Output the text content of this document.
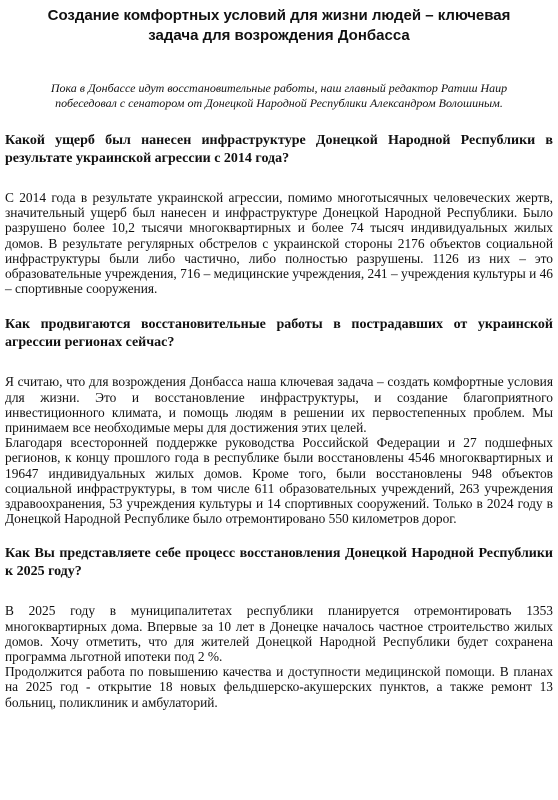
Создание комфортных условий для жизни людей – ключевая задача для возрождения Донбасса

Пока в Донбассе идут восстановительные работы, наш главный редактор Ратиш Наир побеседовал с сенатором от Донецкой Народной Республики Александром Волошиным.

Какой ущерб был нанесен инфраструктуре Донецкой Народной Республики в результате украинской агрессии с 2014 года?

С 2014 года в результате украинской агрессии, помимо многотысячных человеческих жертв, значительный ущерб был нанесен и инфраструктуре Донецкой Народной Республики. Было разрушено более 10,2 тысячи многоквартирных и более 74 тысяч индивидуальных жилых домов. В результате регулярных обстрелов с украинской стороны 2176 объектов социальной инфраструктуры были либо частично, либо полностью разрушены. 1126 из них – это образовательные учреждения, 716 – медицинские учреждения, 241 – учреждения культуры и 46 – спортивные сооружения.

Как продвигаются восстановительные работы в пострадавших от украинской агрессии регионах сейчас?

Я считаю, что для возрождения Донбасса наша ключевая задача – создать комфортные условия для жизни. Это и восстановление инфраструктуры, и создание благоприятного инвестиционного климата, и помощь людям в решении их первостепенных проблем. Мы принимаем все необходимые меры для достижения этих целей.

Благодаря всесторонней поддержке руководства Российской Федерации и 27 подшефных регионов, к концу прошлого года в республике были восстановлены 4546 многоквартирных и 19647 индивидуальных жилых домов. Кроме того, были восстановлены 948 объектов социальной инфраструктуры, в том числе 611 образовательных учреждений, 263 учреждения здравоохранения, 53 учреждения культуры и 14 спортивных сооружений. Только в 2024 году в Донецкой Народной Республике было отремонтировано 550 километров дорог.

Как Вы представляете себе процесс восстановления Донецкой Народной Республики к 2025 году?

В 2025 году в муниципалитетах республики планируется отремонтировать 1353 многоквартирных дома. Впервые за 10 лет в Донецке началось частное строительство жилых домов. Хочу отметить, что для жителей Донецкой Народной Республики будет сохранена программа льготной ипотеки под 2 %.

Продолжится работа по повышению качества и доступности медицинской помощи. В планах на 2025 год - открытие 18 новых фельдшерско-акушерских пунктов, а также ремонт 13 больниц, поликлиник и амбулаторий.
